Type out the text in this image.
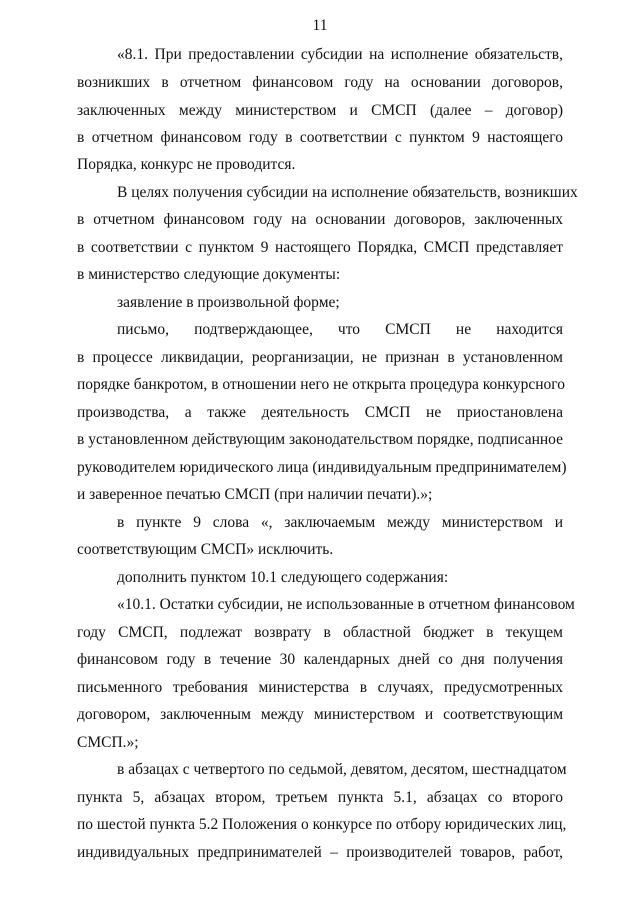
11
«8.1. При предоставлении субсидии на исполнение обязательств,
возникших в отчетном финансовом году на основании договоров,
заключенных между министерством и СМСП (далее – договор)
в отчетном финансовом году в соответствии с пунктом 9 настоящего
Порядка, конкурс не проводится.
В целях получения субсидии на исполнение обязательств, возникших
в отчетном финансовом году на основании договоров, заключенных
в соответствии с пунктом 9 настоящего Порядка, СМСП представляет
в министерство следующие документы:
заявление в произвольной форме;
письмо, подтверждающее, что СМСП не находится
в процессе ликвидации, реорганизации, не признан в установленном
порядке банкротом, в отношении него не открыта процедура конкурсного
производства, а также деятельность СМСП не приостановлена
в установленном действующим законодательством порядке, подписанное
руководителем юридического лица (индивидуальным предпринимателем)
и заверенное печатью СМСП (при наличии печати).»;
в пункте 9 слова «, заключаемым между министерством и
соответствующим СМСП» исключить.
дополнить пунктом 10.1 следующего содержания:
«10.1. Остатки субсидии, не использованные в отчетном финансовом
году СМСП, подлежат возврату в областной бюджет в текущем
финансовом году в течение 30 календарных дней со дня получения
письменного требования министерства в случаях, предусмотренных
договором, заключенным между министерством и соответствующим
СМСП.»;
в абзацах с четвертого по седьмой, девятом, десятом, шестнадцатом
пункта 5, абзацах втором, третьем пункта 5.1, абзацах со второго
по шестой пункта 5.2 Положения о конкурсе по отбору юридических лиц,
индивидуальных предпринимателей – производителей товаров, работ,
